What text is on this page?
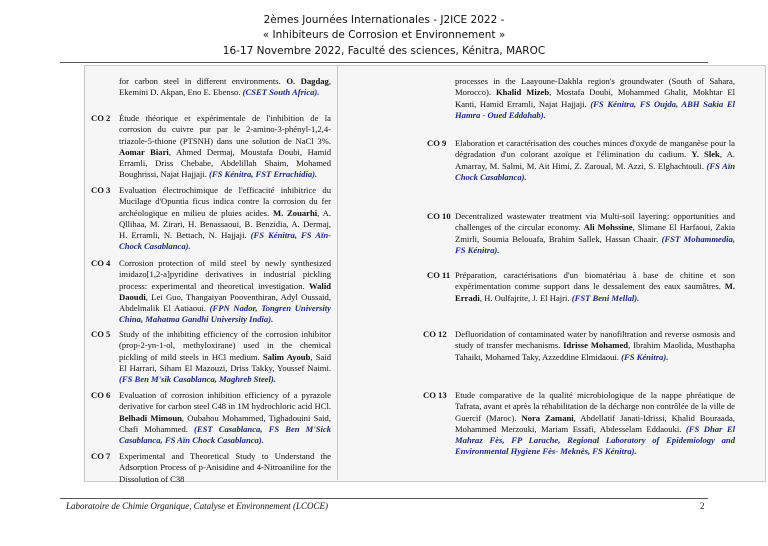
2èmes Journées Internationales - J2ICE 2022 -
« Inhibiteurs de Corrosion et Environnement »
16-17 Novembre 2022, Faculté des sciences, Kénitra, MAROC
for carbon steel in different environments. O. Dagdag, Ekemini D. Akpan, Eno E. Ebenso. (CSET South Africa).
CO 2 Étude théorique et expérimentale de l'inhibition de la corrosion du cuivre pur par le 2-amino-3-phényl-1,2,4-triazole-5-thione (PTSNH) dans une solution de NaCl 3%. Aomar Biari, Ahmed Dermaj, Moustafa Doubi, Hamid Erramli, Driss Chebabe, Abdelillah Shaim, Mohamed Boughrissi, Najat Hajjaji. (FS Kénitra, FST Errachidia).
CO 3 Evaluation électrochimique de l'efficacité inhibitrice du Mucilage d'Opuntia ficus indica contre la corrosion du fer archéologique en milieu de pluies acides. M. Zouarhi, A. Qllihaa, M. Zirari, H. Benassaoui, B. Benzidia, A. Dermaj, H. Erramli, N. Bettach, N. Hajjaji. (FS Kénitra, FS Aïn-Chock Casablanca).
CO 4 Corrosion protection of mild steel by newly synthesized imidazo[1,2-a]pyridine derivatives in industrial pickling process: experimental and theoretical investigation. Walid Daoudi, Lei Guo, Thangaiyan Pooventhiran, Adyl Oussaid, Abdelmalik El Aatiaoui. (FPN Nador, Tongren University China, Mahatma Gandhi University India).
CO 5 Study of the inhibiting efficiency of the corrosion inhibitor (prop-2-yn-1-ol, methyloxirane) used in the chemical pickling of mild steels in HCl medium. Salim Ayoub, Said El Harrari, Siham El Mazouzi, Driss Takky, Youssef Naimi. (FS Ben M'sik Casablanca, Maghreb Steel).
CO 6 Evaluation of corrosion inhibition efficiency of a pyrazole derivative for carbon steel C48 in 1M hydrochloric acid HCl. Belhadi Mimoun, Oubahou Mohammed, Tighadouini Said, Chafi Mohammed. (EST Casablanca, FS Ben M'Sick Casablanca, FS Aïn Chock Casablanca).
CO 7 Experimental and Theoretical Study to Understand the Adsorption Process of p-Anisidine and 4-Nitroaniline for the Dissolution of C38
processes in the Laayoune-Dakhla region's groundwater (South of Sahara, Morocco). Khalid Mizeb, Mostafa Doubi, Mohammed Ghalit, Mokhtar El Kanti, Hamid Erramli, Najat Hajjaji. (FS Kénitra, FS Oujda, ABH Sakia El Hamra - Oued Eddahab).
CO 9 Elaboration et caractérisation des couches minces d'oxyde de manganèse pour la dégradation d'un colorant azoïque et l'élimination du cadium. Y. Slek, A. Amarray, M. Salmi, M. Ait Himi, Z. Zaroual, M. Azzi, S. Elghachtouli. (FS Aïn Chock Casablanca).
CO 10 Decentralized wastewater treatment via Multi-soil layering: opportunities and challenges of the circular economy. Ali Mohssine, Slimane El Harfaoui, Zakia Zmirli, Soumia Belouafa, Brahim Sallek, Hassan Chaair. (FST Mohammedia, FS Kénitra).
CO 11 Préparation, caractérisations d'un biomatériau à base de chitine et son expérimentation comme support dans le dessalement des eaux saumâtres. M. Erradi, H. Oulfajrite, J. El Hajri. (FST Beni Mellal).
CO 12 Defluoridation of contaminated water by nanofiltration and reverse osmosis and study of transfer mechanisms. Idrisse Mohamed, Ibrahim Maolida, Musthapha Tahaikt, Mohamed Taky, Azzeddine Elmidaoui. (FS Kénitra).
CO 13 Etude comparative de la qualité microbiologique de la nappe phréatique de Tafrata, avant et après la réhabilitation de la décharge non contrôlée de la ville de Guercif (Maroc). Nora Zamani, Abdellatif Janati-Idrissi, Khalid Bouraada, Mohammed Merzouki, Mariam Essafi, Abdesselam Eddaouki. (FS Dhar El Mahraz Fès, FP Larache, Regional Laboratory of Epidemiology and Environmental Hygiene Fès- Meknès, FS Kénitra).
Laboratoire de Chimie Organique, Catalyse et Environnement (LCOCE)	2
